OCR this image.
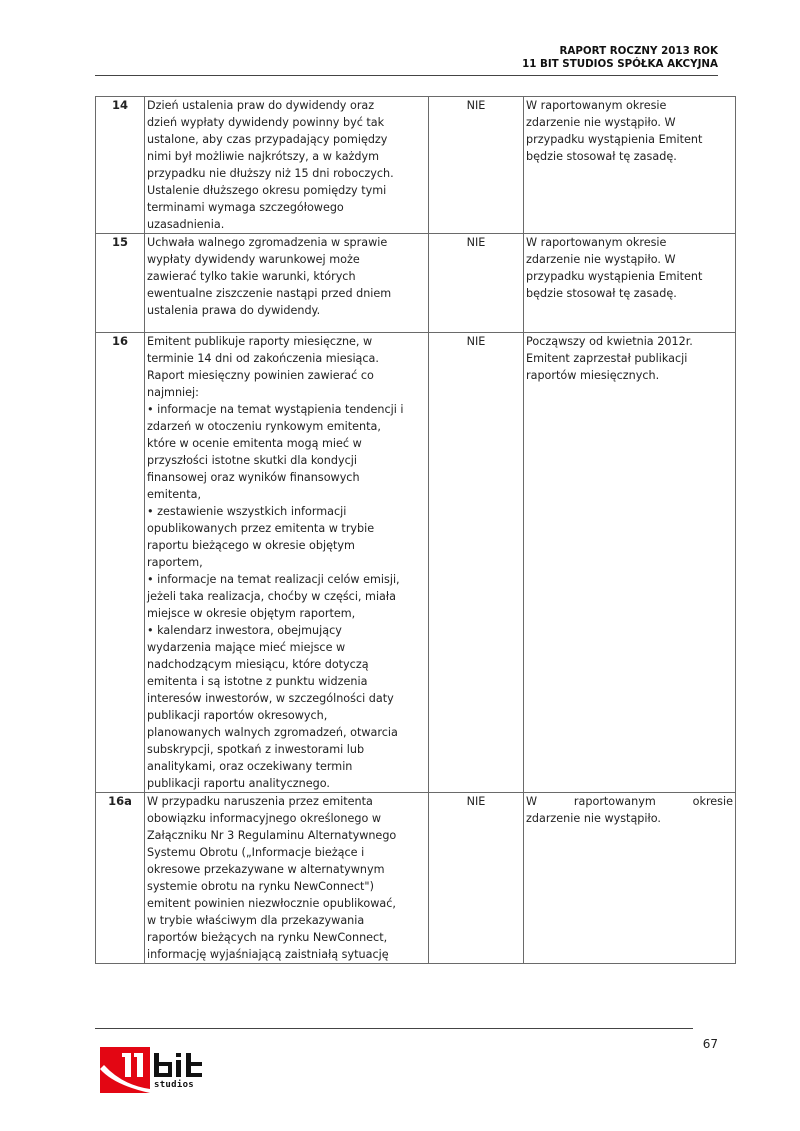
RAPORT ROCZNY 2013 ROK
11 BIT STUDIOS SPÓŁKA AKCYJNA
14	Dzień ustalenia praw do dywidendy oraz

dzień wypłaty dywidendy powinny być tak

ustalone, aby czas przypadający pomiędzy

nimi był możliwie najkrótszy, a w każdym

przypadku nie dłuższy niż 15 dni roboczych.

Ustalenie dłuższego okresu pomiędzy tymi

terminami wymaga szczegółowego

uzasadnienia.

	NIE	W raportowanym okresie

zdarzenie nie wystąpiło. W

przypadku wystąpienia Emitent

będzie stosował tę zasadę.

15	Uchwała walnego zgromadzenia w sprawie

wypłaty dywidendy warunkowej może

zawierać tylko takie warunki, których

ewentualne ziszczenie nastąpi przed dniem

ustalenia prawa do dywidendy.

	NIE	W raportowanym okresie

zdarzenie nie wystąpiło. W

przypadku wystąpienia Emitent

będzie stosował tę zasadę.

16	Emitent publikuje raporty miesięczne, w

terminie 14 dni od zakończenia miesiąca.

Raport miesięczny powinien zawierać co

najmniej:

• informacje na temat wystąpienia tendencji i

zdarzeń w otoczeniu rynkowym emitenta,

które w ocenie emitenta mogą mieć w

przyszłości istotne skutki dla kondycji

finansowej oraz wyników finansowych

emitenta,

• zestawienie wszystkich informacji

opublikowanych przez emitenta w trybie

raportu bieżącego w okresie objętym

raportem,

• informacje na temat realizacji celów emisji,

jeżeli taka realizacja, choćby w części, miała

miejsce w okresie objętym raportem,

• kalendarz inwestora, obejmujący

wydarzenia mające mieć miejsce w

nadchodzącym miesiącu, które dotyczą

emitenta i są istotne z punktu widzenia

interesów inwestorów, w szczególności daty

publikacji raportów okresowych,

planowanych walnych zgromadzeń, otwarcia

subskrypcji, spotkań z inwestorami lub

analitykami, oraz oczekiwany termin

publikacji raportu analitycznego.

	NIE	Począwszy od kwietnia 2012r.

Emitent zaprzestał publikacji

raportów miesięcznych.

16a	W przypadku naruszenia przez emitenta

obowiązku informacyjnego określonego w

Załączniku Nr 3 Regulaminu Alternatywnego

Systemu Obrotu („Informacje bieżące i

okresowe przekazywane w alternatywnym

systemie obrotu na rynku NewConnect")

emitent powinien niezwłocznie opublikować,

w trybie właściwym dla przekazywania

raportów bieżących na rynku NewConnect,

informację wyjaśniającą zaistniałą sytuację

	NIE	W raportowanym okresie

zdarzenie nie wystąpiło.

67
studios
